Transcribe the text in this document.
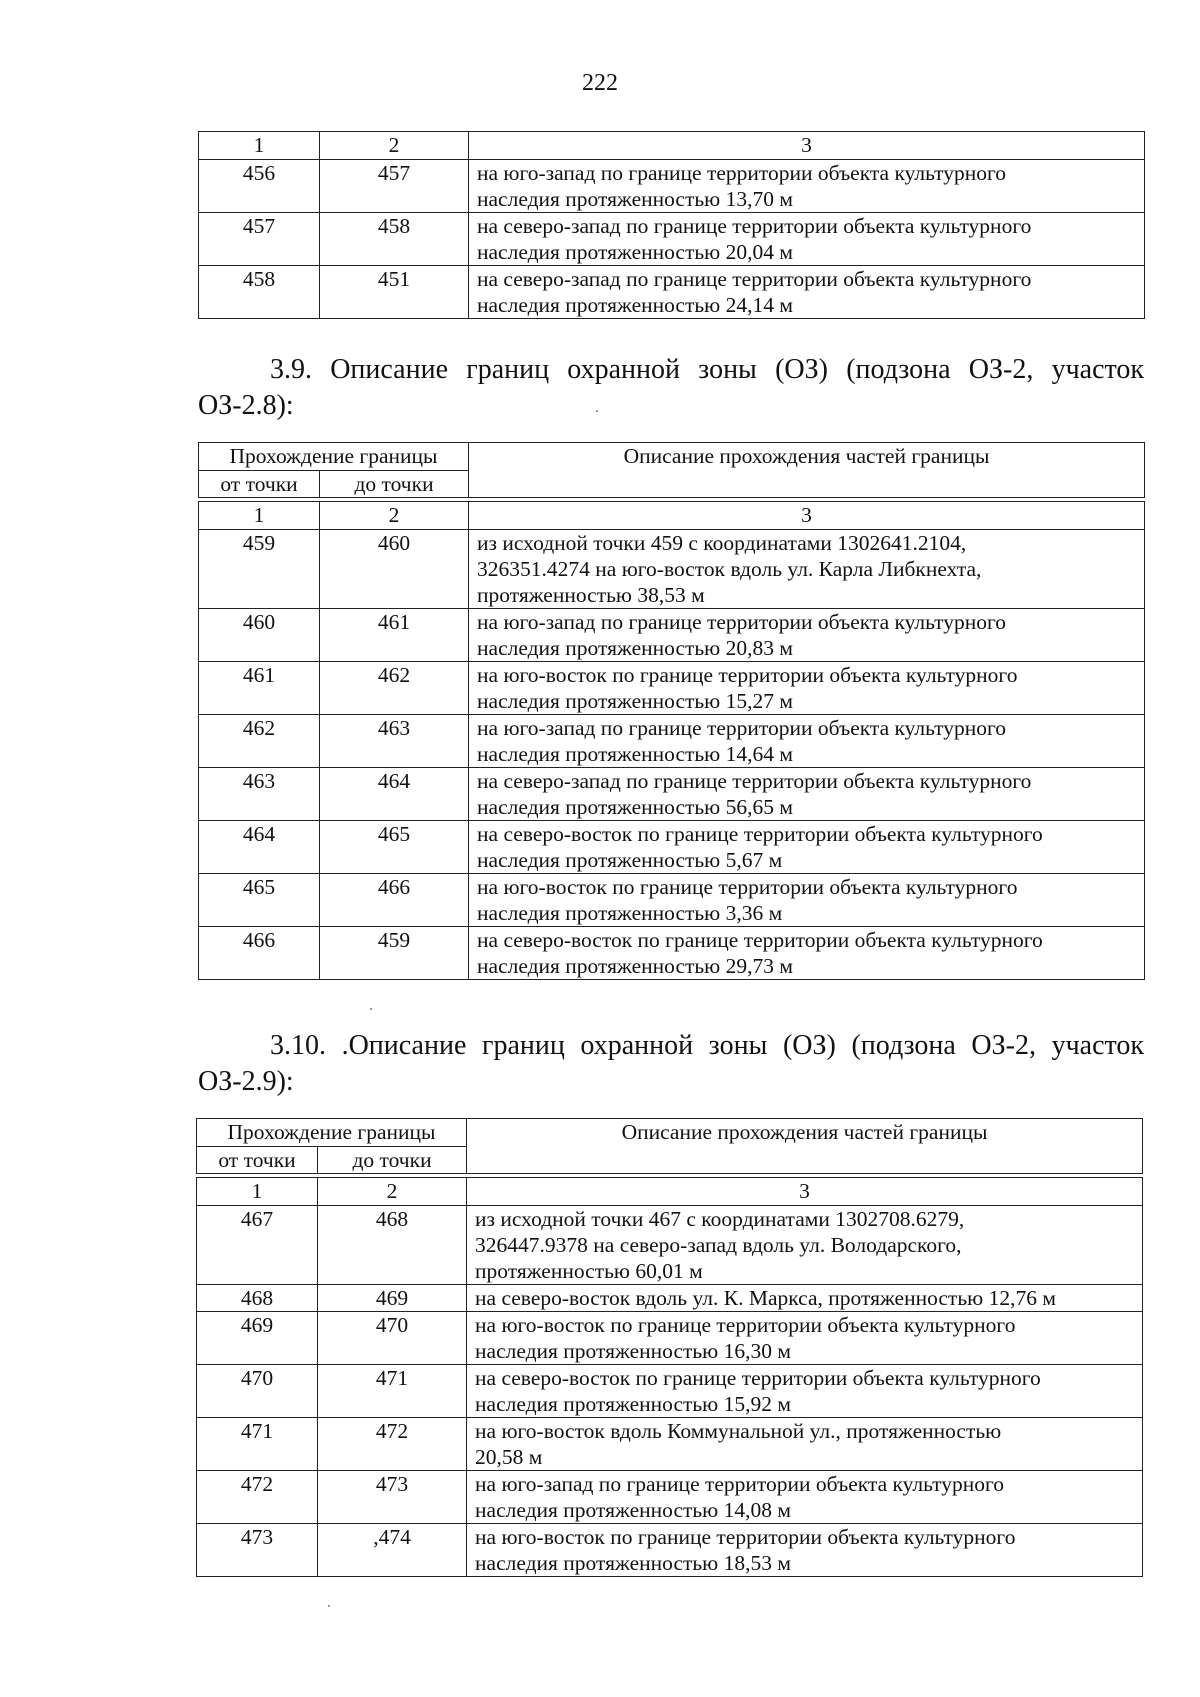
222
1	2	3
456	457	на юго-запад по границе территории объекта культурного
наследия протяженностью 13,70 м

457	458	на северо-запад по границе территории объекта культурного
наследия протяженностью 20,04 м

458	451	на северо-запад по границе территории объекта культурного
наследия протяженностью 24,14 м
3.9. Описание границ охранной зоны (ОЗ) (подзона ОЗ-2, участок
ОЗ-2.8):
Прохождение границы		Описание прохождения частей границы
от точки	до точки	

1	2	3
459	460	из исходной точки 459 с координатами 1302641.2104,
326351.4274 на юго-восток вдоль ул. Карла Либкнехта,
протяженностью 38,53 м

460	461	на юго-запад по границе территории объекта культурного
наследия протяженностью 20,83 м

461	462	на юго-восток по границе территории объекта культурного
наследия протяженностью 15,27 м

462	463	на юго-запад по границе территории объекта культурного
наследия протяженностью 14,64 м

463	464	на северо-запад по границе территории объекта культурного
наследия протяженностью 56,65 м

464	465	на северо-восток по границе территории объекта культурного
наследия протяженностью 5,67 м

465	466	на юго-восток по границе территории объекта культурного
наследия протяженностью 3,36 м

466	459	на северо-восток по границе территории объекта культурного
наследия протяженностью 29,73 м
3.10. .Описание границ охранной зоны (ОЗ) (подзона ОЗ-2, участок
ОЗ-2.9):
Прохождение границы		Описание прохождения частей границы
от точки	до точки	

1	2	3
467	468	из исходной точки 467 с координатами 1302708.6279,
326447.9378 на северо-запад вдоль ул. Володарского,
протяженностью 60,01 м

468	469	на северо-восток вдоль ул. К. Маркса, протяженностью 12,76 м

469	470	на юго-восток по границе территории объекта культурного
наследия протяженностью 16,30 м

470	471	на северо-восток по границе территории объекта культурного
наследия протяженностью 15,92 м

471	472	на юго-восток вдоль Коммунальной ул., протяженностью
20,58 м

472	473	на юго-запад по границе территории объекта культурного
наследия протяженностью 14,08 м

473	,474	на юго-восток по границе территории объекта культурного
наследия протяженностью 18,53 м
